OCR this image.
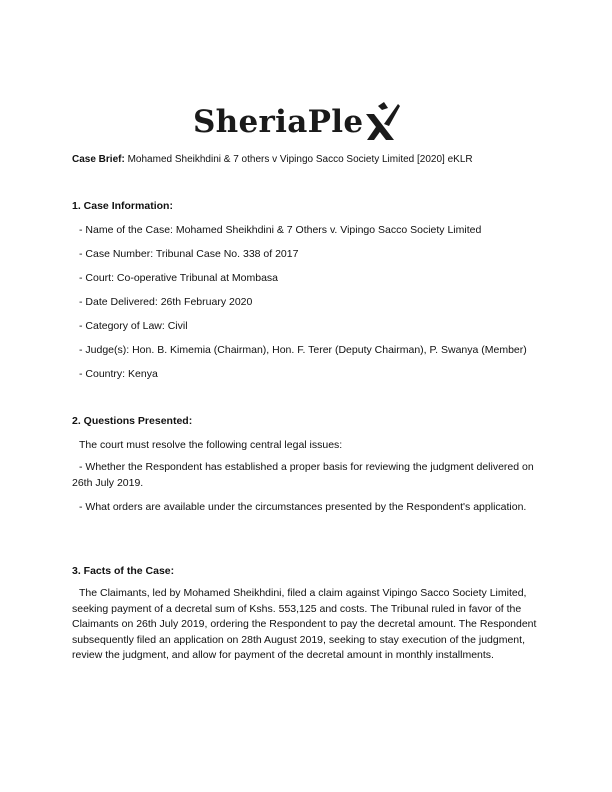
SheriaPle
Case Brief: Mohamed Sheikhdini & 7 others v Vipingo Sacco Society Limited [2020] eKLR
1. Case Information:
- Name of the Case: Mohamed Sheikhdini & 7 Others v. Vipingo Sacco Society Limited
- Case Number: Tribunal Case No. 338 of 2017
- Court: Co-operative Tribunal at Mombasa
- Date Delivered: 26th February 2020
- Category of Law: Civil
- Judge(s): Hon. B. Kimemia (Chairman), Hon. F. Terer (Deputy Chairman), P. Swanya (Member)
- Country: Kenya
2. Questions Presented:
The court must resolve the following central legal issues:
- Whether the Respondent has established a proper basis for reviewing the judgment delivered on 26th July 2019.
- What orders are available under the circumstances presented by the Respondent's application.
3. Facts of the Case:
The Claimants, led by Mohamed Sheikhdini, filed a claim against Vipingo Sacco Society Limited, seeking payment of a decretal sum of Kshs. 553,125 and costs. The Tribunal ruled in favor of the Claimants on 26th July 2019, ordering the Respondent to pay the decretal amount. The Respondent subsequently filed an application on 28th August 2019, seeking to stay execution of the judgment, review the judgment, and allow for payment of the decretal amount in monthly installments.
